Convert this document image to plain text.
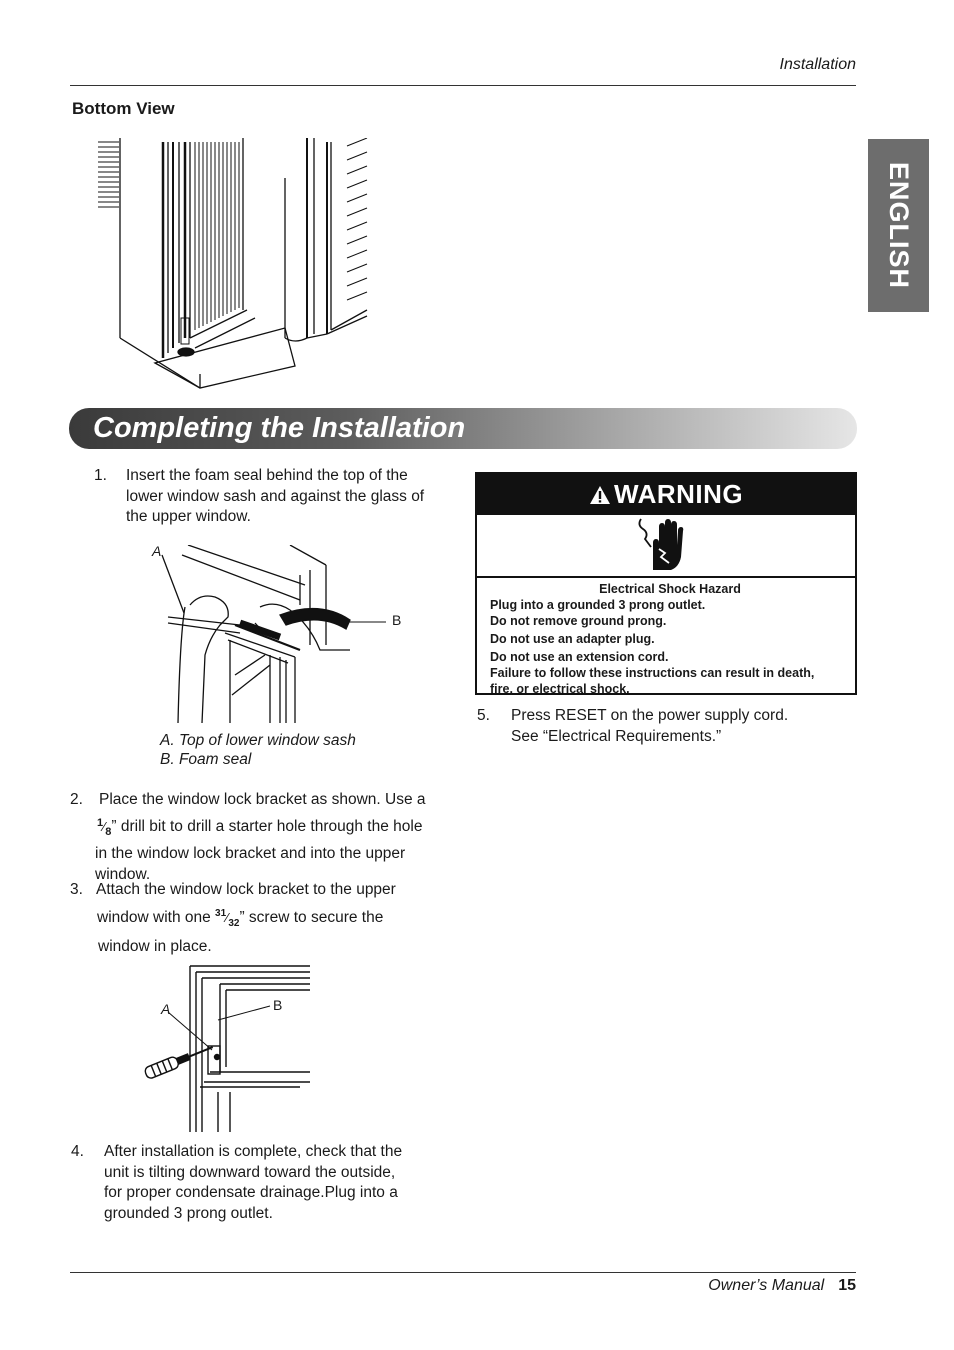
Installation
ENGLISH
Bottom View
Completing the Installation
1. Insert the foam seal behind the top of the
lower window sash and against the glass of
the upper window.
A
B
A. Top of lower window sash
B. Foam seal
2. Place the window lock bracket as shown. Use a
$^1⁄_8$” drill bit to drill a starter hole through the hole
in the window lock bracket and into the upper
window.
3. Attach the window lock bracket to the upper
window with one $^{31}⁄_{32}$” screw to secure the
window in place.
A	B
4. After installation is complete, check that the
unit is tilting downward toward the outside,
for proper condensate drainage.Plug into a
grounded 3 prong outlet.
WARNING
Electrical Shock Hazard
Plug into a grounded 3 prong outlet.
Do not remove ground prong.
Do not use an adapter plug.
Do not use an extension cord.
Failure to follow these instructions can result in death,
fire, or electrical shock.
5. Press RESET on the power supply cord.
See “Electrical Requirements.”
Owner’s Manual 15
